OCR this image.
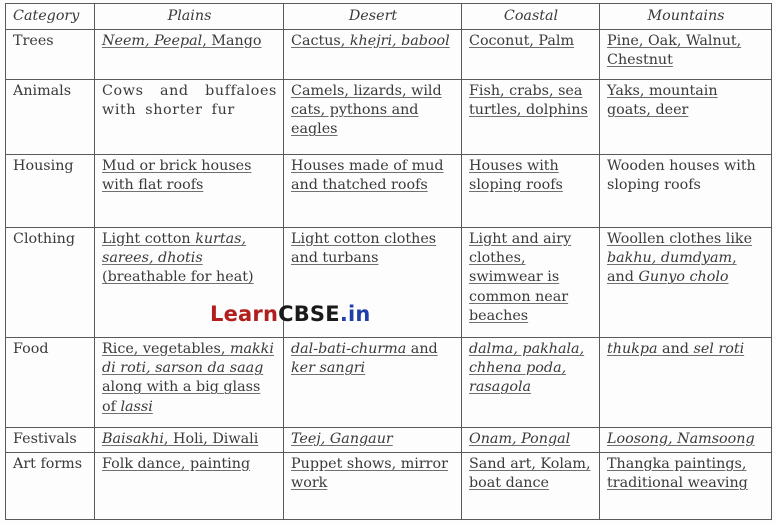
Category	Plains	Desert	Coastal	Mountains
Trees	Neem, Peepal, Mango	Cactus, khejri, babool	Coconut, Palm	Pine, Oak, Walnut, Chestnut
Animals	Cows and buffaloes with shorter fur	Camels, lizards, wild cats, pythons and eagles	Fish, crabs, sea turtles, dolphins	Yaks, mountain goats, deer
Housing	Mud or brick houses with flat roofs	Houses made of mud and thatched roofs	Houses with sloping roofs	Wooden houses with sloping roofs
Clothing	Light cotton kurtas, sarees, dhotis (breathable for heat)	Light cotton clothes and turbans	Light and airy clothes, swimwear is common near beaches	Woollen clothes like bakhu, dumdyam, and Gunyo cholo
Food	Rice, vegetables, makki di roti, sarson da saag along with a big glass of lassi	dal-bati-churma and ker sangri	dalma, pakhala, chhena poda, rasagola	thukpa and sel roti
Festivals	Baisakhi, Holi, Diwali	Teej, Gangaur	Onam, Pongal	Loosong, Namsoong
Art forms	Folk dance, painting	Puppet shows, mirror work	Sand art, Kolam, boat dance	Thangka paintings, traditional weaving
LearnCBSE.in
